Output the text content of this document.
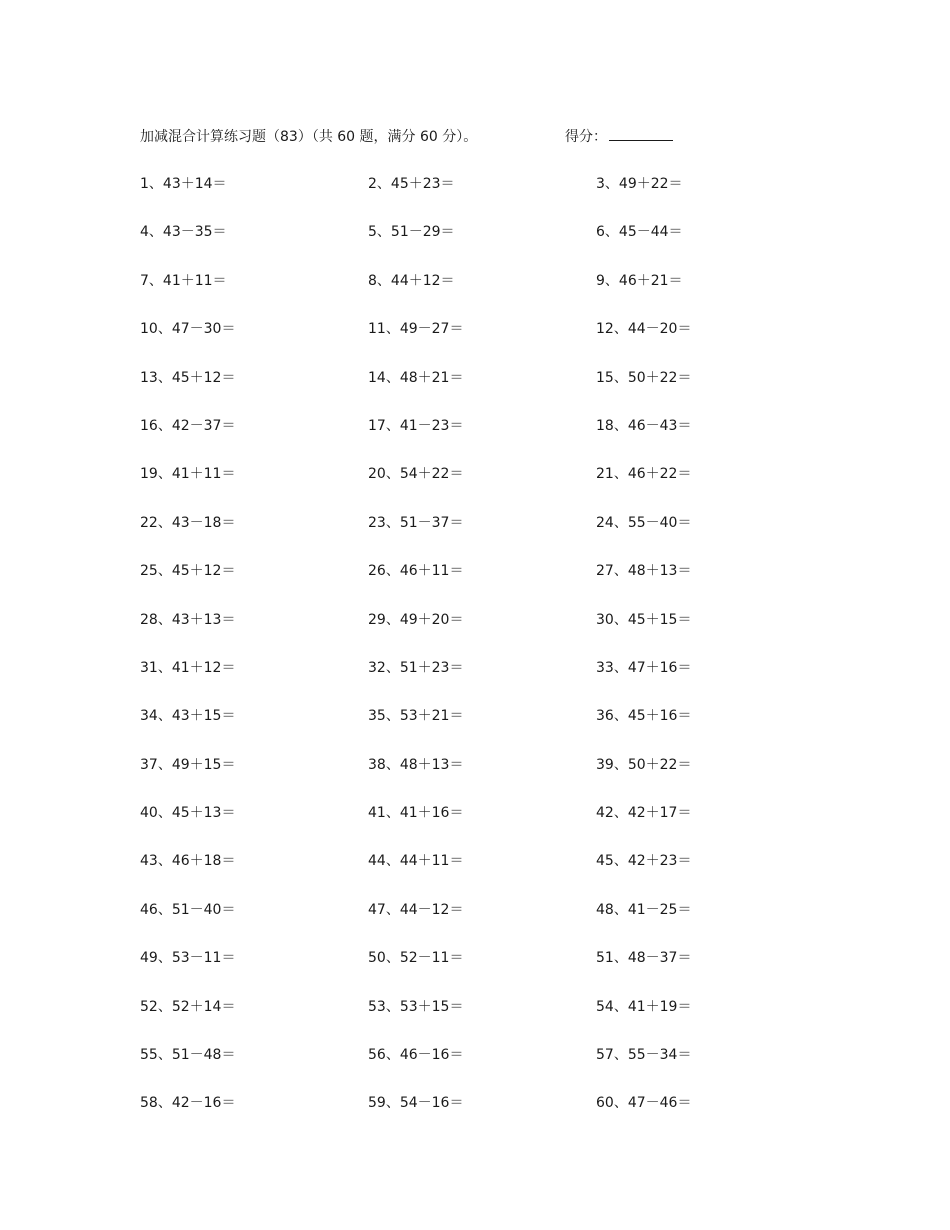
加减混合计算练习题（83）（共 60 题，满分 60 分）。	得分：
1、43＋14＝	2、45＋23＝	3、49＋22＝
4、43－35＝	5、51－29＝	6、45－44＝
7、41＋11＝	8、44＋12＝	9、46＋21＝
10、47－30＝	11、49－27＝	12、44－20＝
13、45＋12＝	14、48＋21＝	15、50＋22＝
16、42－37＝	17、41－23＝	18、46－43＝
19、41＋11＝	20、54＋22＝	21、46＋22＝
22、43－18＝	23、51－37＝	24、55－40＝
25、45＋12＝	26、46＋11＝	27、48＋13＝
28、43＋13＝	29、49＋20＝	30、45＋15＝
31、41＋12＝	32、51＋23＝	33、47＋16＝
34、43＋15＝	35、53＋21＝	36、45＋16＝
37、49＋15＝	38、48＋13＝	39、50＋22＝
40、45＋13＝	41、41＋16＝	42、42＋17＝
43、46＋18＝	44、44＋11＝	45、42＋23＝
46、51－40＝	47、44－12＝	48、41－25＝
49、53－11＝	50、52－11＝	51、48－37＝
52、52＋14＝	53、53＋15＝	54、41＋19＝
55、51－48＝	56、46－16＝	57、55－34＝
58、42－16＝	59、54－16＝	60、47－46＝
